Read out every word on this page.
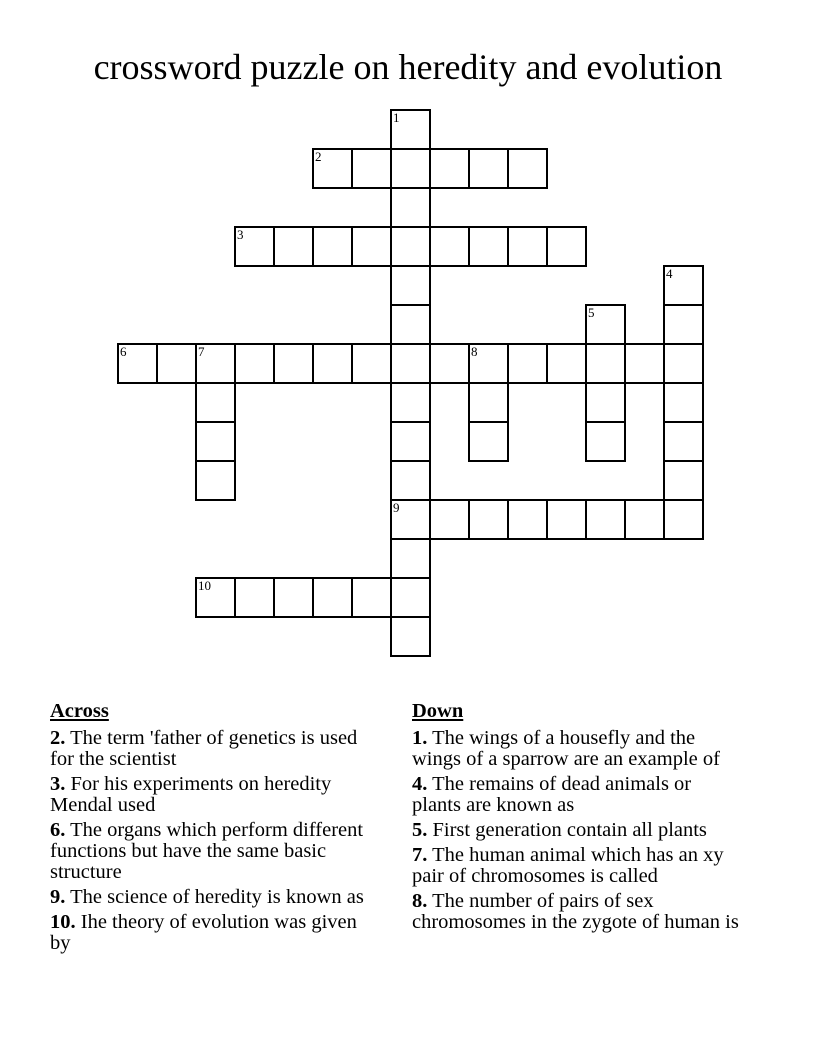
crossword puzzle on heredity and evolution
1
9
2
3
4
5
6	7	8
10
Across

2. The term 'father of genetics is used for the scientist

3. For his experiments on heredity Mendal used

6. The organs which perform different functions but have the same basic structure

9. The science of heredity is known as

10. Ihe theory of evolution was given by

Down

1. The wings of a housefly and the wings of a sparrow are an example of

4. The remains of dead animals or plants are known as

5. First generation contain all plants

7. The human animal which has an xy pair of chromosomes is called

8. The number of pairs of sex chromosomes in the zygote of human is
